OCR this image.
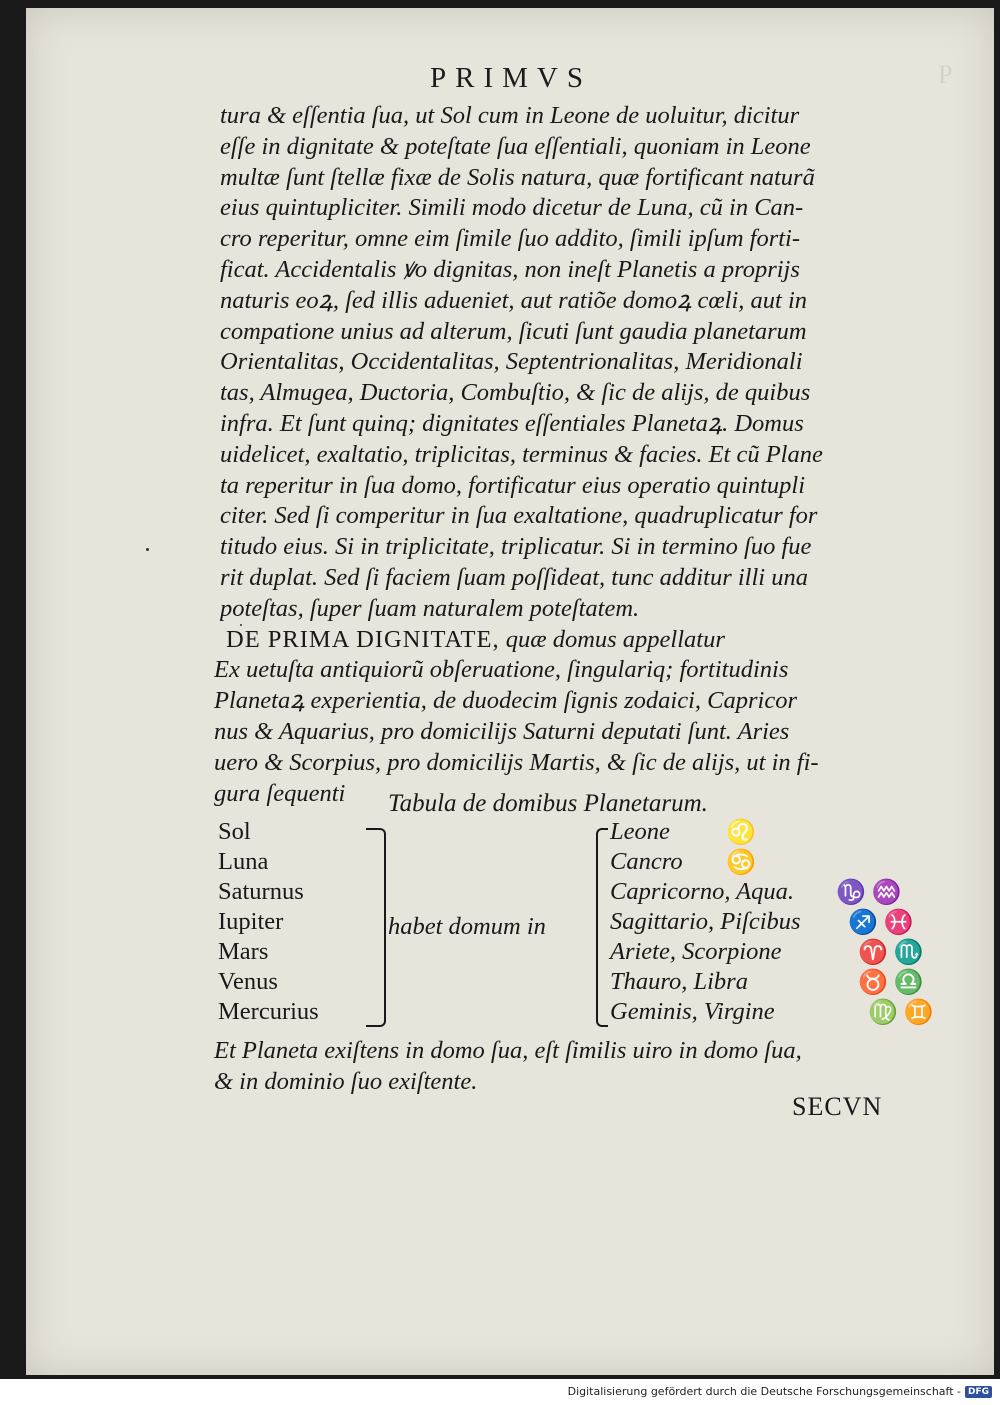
P
PRIMVS
tura & eſſentia ſua, ut Sol cum in Leone de uoluitur, dicitur
eſſe in dignitate & poteſtate ſua eſſentiali, quoniam in Leone
multæ ſunt ſtellæ fixæ de Solis natura, quæ fortificant naturã
eius quintupliciter. Simili modo dicetur de Luna, cũ in Can-
cro reperitur, omne eim ſimile ſuo addito, ſimili ipſum forti-
ficat. Accidentalis ꝟo dignitas, non ineſt Planetis a proprijs
naturis eoꝝ, ſed illis adueniet, aut ratiõe domoꝝ cœli, aut in
compatione unius ad alterum, ſicuti ſunt gaudia planetarum
Orientalitas, Occidentalitas, Septentrionalitas, Meridionali
tas, Almugea, Ductoria, Combuſtio, & ſic de alijs, de quibus
infra. Et ſunt quinq; dignitates eſſentiales Planetaꝝ. Domus
uidelicet, exaltatio, triplicitas, terminus & facies. Et cũ Plane
ta reperitur in ſua domo, fortificatur eius operatio quintupli
citer. Sed ſi comperitur in ſua exaltatione, quadruplicatur for
titudo eius. Si in triplicitate, triplicatur. Si in termino ſuo fue
rit duplat. Sed ſi faciem ſuam poſſideat, tunc additur illi una
poteſtas, ſuper ſuam naturalem poteſtatem.
DE PRIMA DIGNITATE, quæ domus appellatur
Ex uetuſta antiquiorũ obſeruatione, ſingulariq; fortitudinis
Planetaꝝ experientia, de duodecim ſignis zodaici, Capricor
nus & Aquarius, pro domicilijs Saturni deputati ſunt. Aries
uero & Scorpius, pro domicilijs Martis, & ſic de alijs, ut in fi-
gura ſequenti	Tabula de domibus Planetarum.
Sol
Luna
Saturnus
Iupiter
Mars
Venus
Mercurius
habet domum in
Leone
Cancro
Capricorno, Aqua.
Sagittario, Piſcibus
Ariete, Scorpione
Thauro, Libra
Geminis, Virgine
♌
♋
♑ ♒
♐ ♓
♈ ♏
♉ ♎
♍ ♊
Et Planeta exiſtens in domo ſua, eſt ſimilis uiro in domo ſua,
& in dominio ſuo exiſtente.
SECVN
Digitalisierung gefördert durch die Deutsche Forschungsgemeinschaft - DFG
